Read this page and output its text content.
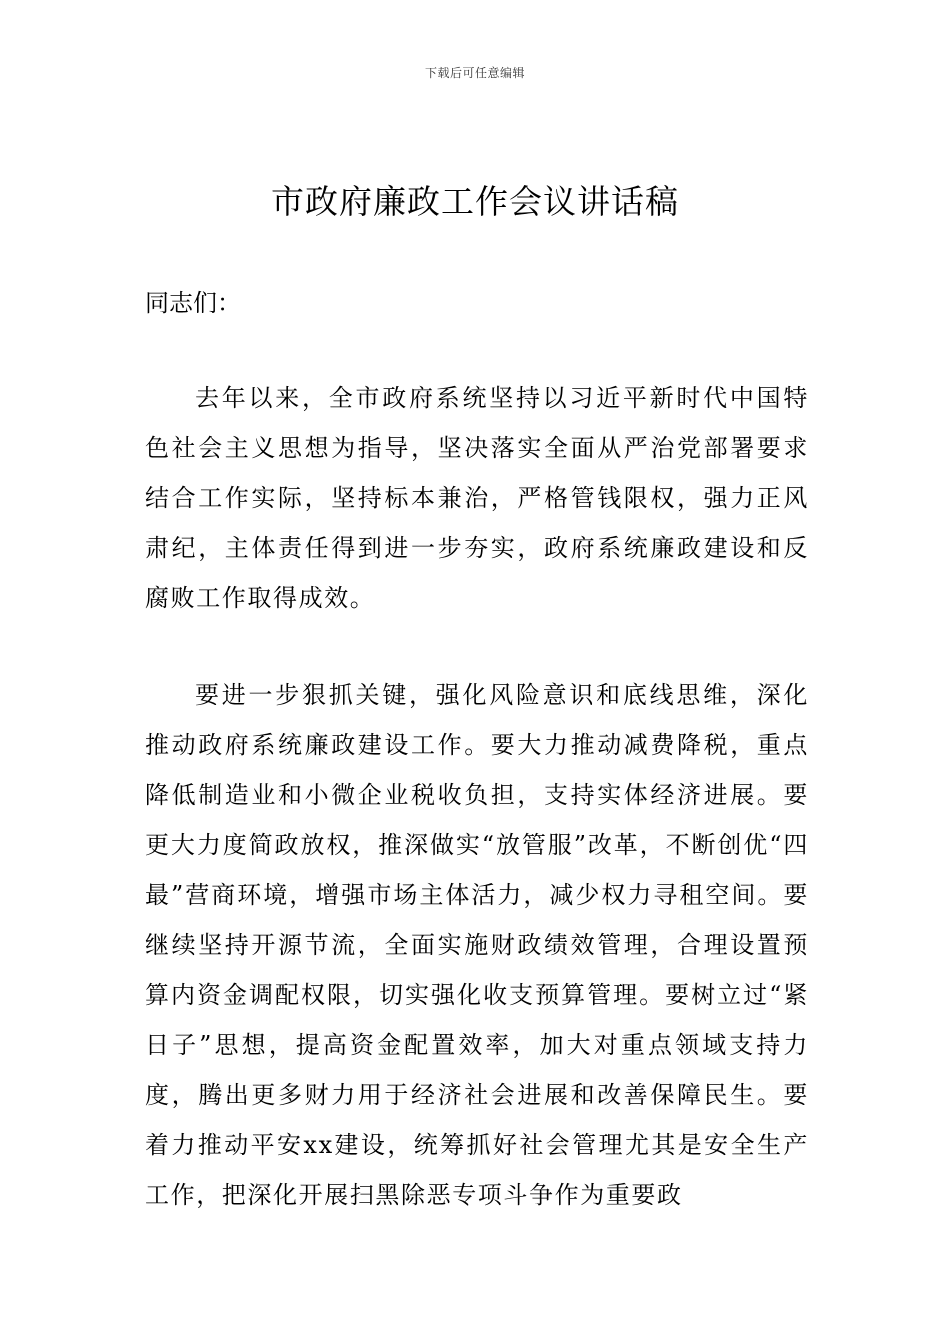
下载后可任意编辑
市政府廉政工作会议讲话稿

同志们：

去年以来，全市政府系统坚持以习近平新时代中国特色社会主义思想为指导，坚决落实全面从严治党部署要求结合工作实际，坚持标本兼治，严格管钱限权，强力正风肃纪，主体责任得到进一步夯实，政府系统廉政建设和反腐败工作取得成效。

要进一步狠抓关键，强化风险意识和底线思维，深化推动政府系统廉政建设工作。要大力推动减费降税，重点降低制造业和小微企业税收负担，支持实体经济进展。要更大力度简政放权，推深做实“放管服”改革，不断创优“四最”营商环境，增强市场主体活力，减少权力寻租空间。要继续坚持开源节流，全面实施财政绩效管理，合理设置预算内资金调配权限，切实强化收支预算管理。要树立过“紧日子”思想，提高资金配置效率，加大对重点领域支持力度，腾出更多财力用于经济社会进展和改善保障民生。要着力推动平安xx建设，统筹抓好社会管理尤其是安全生产工作，把深化开展扫黑除恶专项斗争作为重要政
